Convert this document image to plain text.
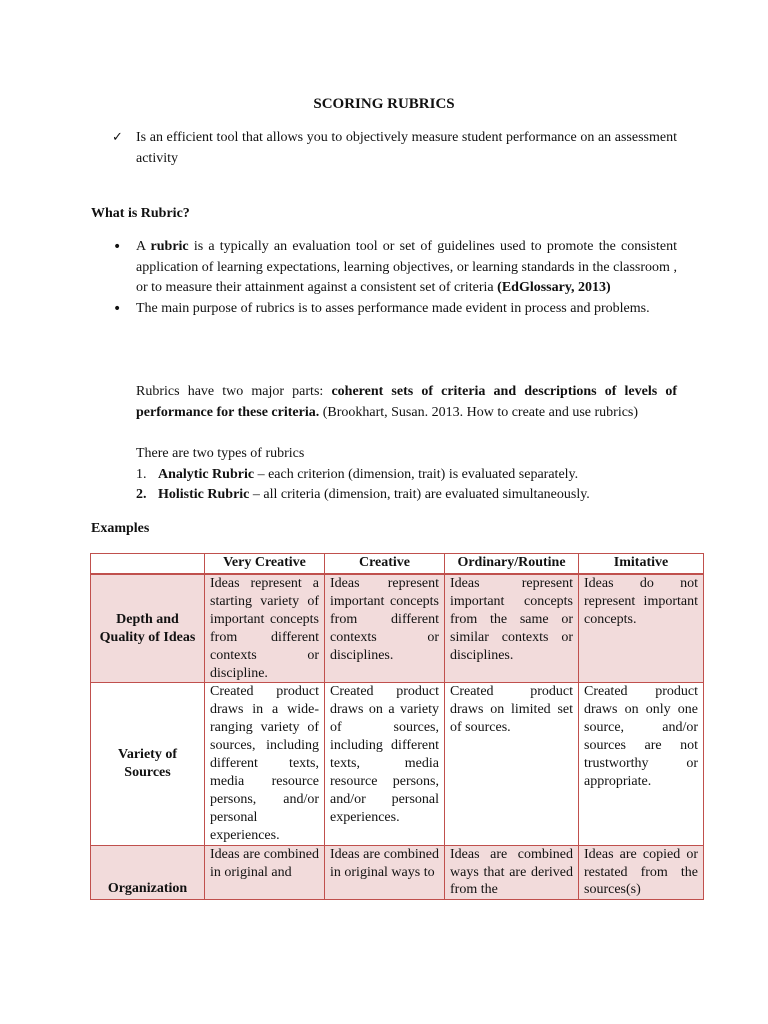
SCORING RUBRICS
✓ Is an efficient tool that allows you to objectively measure student performance on an assessment activity
What is Rubric?
• A rubric is a typically an evaluation tool or set of guidelines used to promote the consistent application of learning expectations, learning objectives, or learning standards in the classroom , or to measure their attainment against a consistent set of criteria (EdGlossary, 2013)
• The main purpose of rubrics is to asses performance made evident in process and problems.
Rubrics have two major parts: coherent sets of criteria and descriptions of levels of performance for these criteria. (Brookhart, Susan. 2013. How to create and use rubrics)
There are two types of rubrics
1. Analytic Rubric – each criterion (dimension, trait) is evaluated separately.
2. Holistic Rubric – all criteria (dimension, trait) are evaluated simultaneously.
Examples
	Very Creative	Creative	Ordinary/Routine	Imitative
Depth and Quality of Ideas	Ideas represent a starting variety of important concepts from different contexts or discipline.	Ideas represent important concepts from different contexts or disciplines.	Ideas represent important concepts from the same or similar contexts or disciplines.	Ideas do not represent important concepts.
Variety of Sources	Created product draws in a wide-ranging variety of sources, including different texts, media resource persons, and/or personal experiences.	Created product draws on a variety of sources, including different texts, media resource persons, and/or personal experiences.	Created product draws on limited set of sources.	Created product draws on only one source, and/or sources are not trustworthy or appropriate.
Organization	Ideas are combined in original and	Ideas are combined in original ways to	Ideas are combined ways that are derived from the	Ideas are copied or restated from the sources(s)
